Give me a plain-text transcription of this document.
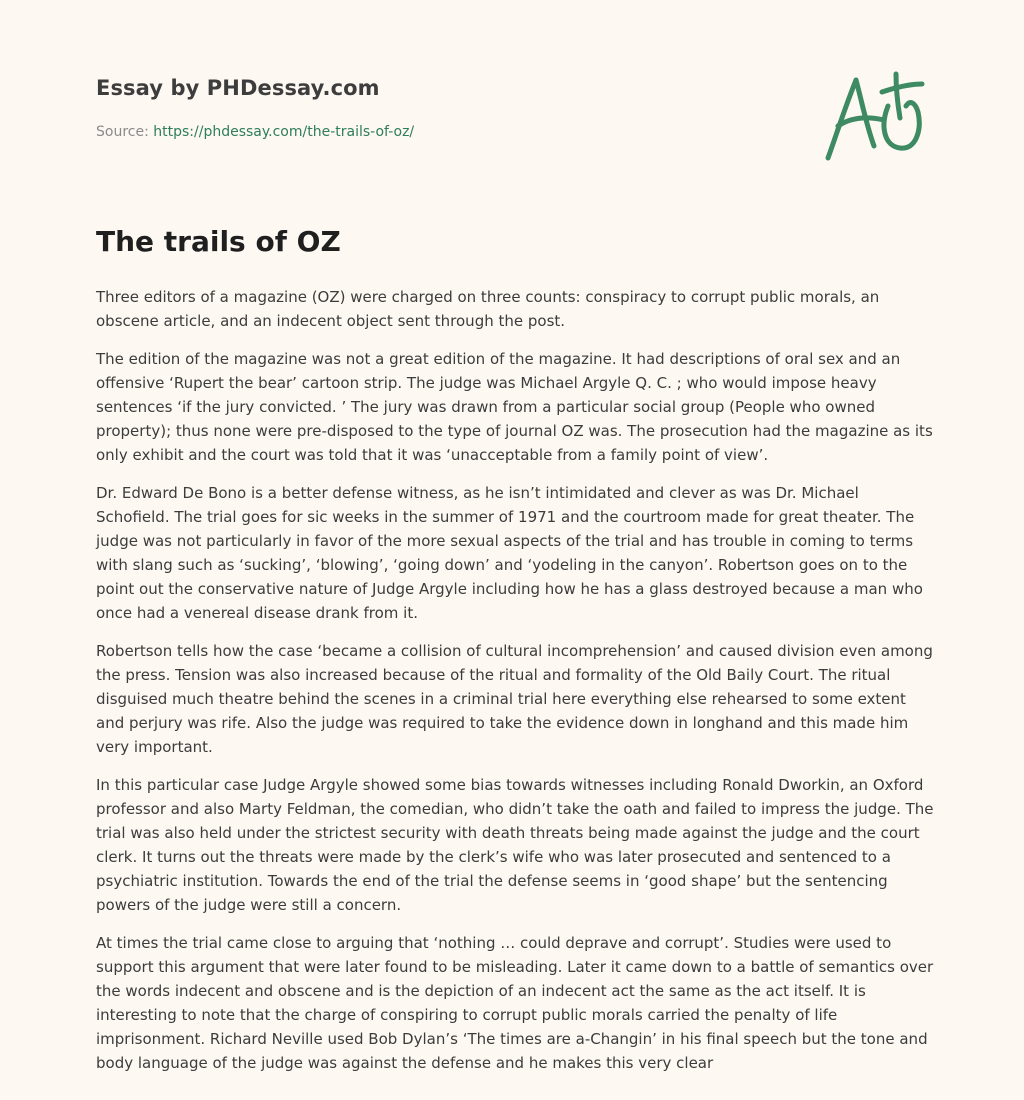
Essay by PHDessay.com
Source: https://phdessay.com/the-trails-of-oz/
The trails of OZ

Three editors of a magazine (OZ) were charged on three counts: conspiracy to corrupt public morals, an obscene article, and an indecent object sent through the post.

The edition of the magazine was not a great edition of the magazine. It had descriptions of oral sex and an offensive ‘Rupert the bear’ cartoon strip. The judge was Michael Argyle Q. C. ; who would impose heavy sentences ‘if the jury convicted. ’ The jury was drawn from a particular social group (People who owned property); thus none were pre-disposed to the type of journal OZ was. The prosecution had the magazine as its only exhibit and the court was told that it was ‘unacceptable from a family point of view’.

Dr. Edward De Bono is a better defense witness, as he isn’t intimidated and clever as was Dr. Michael Schofield. The trial goes for sic weeks in the summer of 1971 and the courtroom made for great theater. The judge was not particularly in favor of the more sexual aspects of the trial and has trouble in coming to terms with slang such as ‘sucking’, ‘blowing’, ‘going down’ and ‘yodeling in the canyon’. Robertson goes on to the point out the conservative nature of Judge Argyle including how he has a glass destroyed because a man who once had a venereal disease drank from it.

Robertson tells how the case ‘became a collision of cultural incomprehension’ and caused division even among the press. Tension was also increased because of the ritual and formality of the Old Baily Court. The ritual disguised much theatre behind the scenes in a criminal trial here everything else rehearsed to some extent and perjury was rife. Also the judge was required to take the evidence down in longhand and this made him very important.

In this particular case Judge Argyle showed some bias towards witnesses including Ronald Dworkin, an Oxford professor and also Marty Feldman, the comedian, who didn’t take the oath and failed to impress the judge. The trial was also held under the strictest security with death threats being made against the judge and the court clerk. It turns out the threats were made by the clerk’s wife who was later prosecuted and sentenced to a psychiatric institution. Towards the end of the trial the defense seems in ‘good shape’ but the sentencing powers of the judge were still a concern.

At times the trial came close to arguing that ‘nothing … could deprave and corrupt’. Studies were used to support this argument that were later found to be misleading. Later it came down to a battle of semantics over the words indecent and obscene and is the depiction of an indecent act the same as the act itself. It is interesting to note that the charge of conspiring to corrupt public morals carried the penalty of life imprisonment. Richard Neville used Bob Dylan’s ‘The times are a-Changin’ in his final speech but the tone and body language of the judge was against the defense and he makes this very clear
